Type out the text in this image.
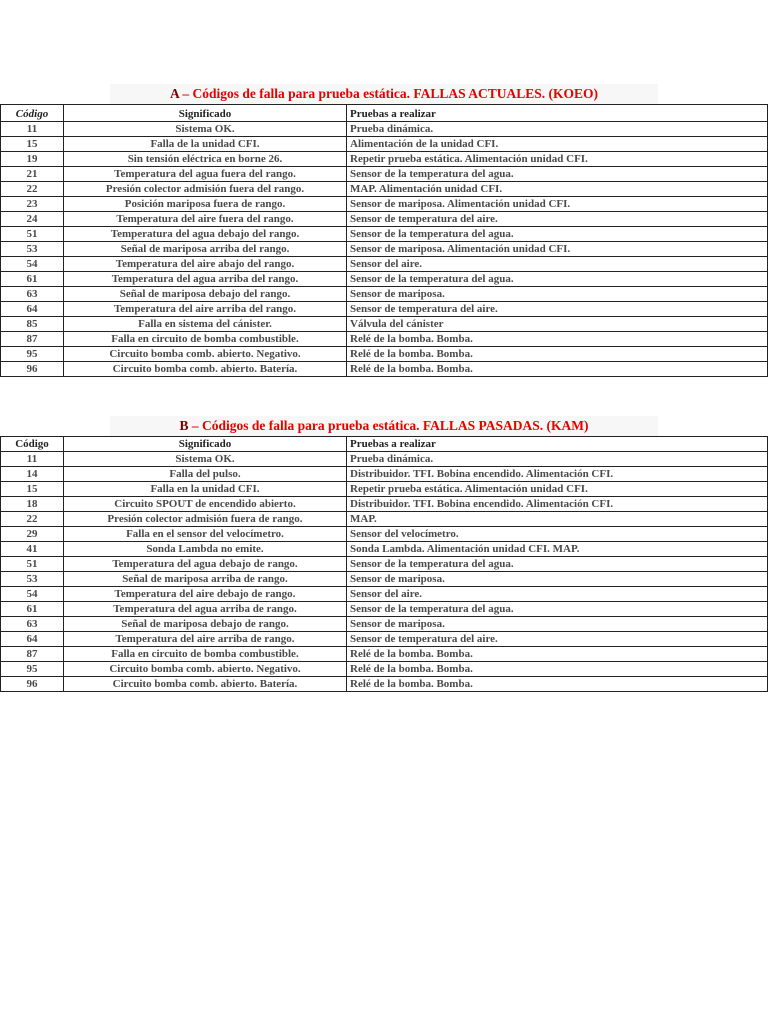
A – Códigos de falla para prueba estática. FALLAS ACTUALES. (KOEO)
Código	Significado	Pruebas a realizar
11	Sistema OK.	Prueba dinámica.
15	Falla de la unidad CFI.	Alimentación de la unidad CFI.
19	Sin tensión eléctrica en borne 26.	Repetir prueba estática. Alimentación unidad CFI.
21	Temperatura del agua fuera del rango.	Sensor de la temperatura del agua.
22	Presión colector admisión fuera del rango.	MAP. Alimentación unidad CFI.
23	Posición mariposa fuera de rango.	Sensor de mariposa. Alimentación unidad CFI.
24	Temperatura del aire fuera del rango.	Sensor de temperatura del aire.
51	Temperatura del agua debajo del rango.	Sensor de la temperatura del agua.
53	Señal de mariposa arriba del rango.	Sensor de mariposa. Alimentación unidad CFI.
54	Temperatura del aire abajo del rango.	Sensor del aire.
61	Temperatura del agua arriba del rango.	Sensor de la temperatura del agua.
63	Señal de mariposa debajo del rango.	Sensor de mariposa.
64	Temperatura del aire arriba del rango.	Sensor de temperatura del aire.
85	Falla en sistema del cánister.	Válvula del cánister
87	Falla en circuito de bomba combustible.	Relé de la bomba. Bomba.
95	Circuito bomba comb. abierto. Negativo.	Relé de la bomba. Bomba.
96	Circuito bomba comb. abierto. Batería.	Relé de la bomba. Bomba.
B – Códigos de falla para prueba estática. FALLAS PASADAS. (KAM)
Código	Significado	Pruebas a realizar
11	Sistema OK.	Prueba dinámica.
14	Falla del pulso.	Distribuidor. TFI. Bobina encendido. Alimentación CFI.
15	Falla en la unidad CFI.	Repetir prueba estática. Alimentación unidad CFI.
18	Circuito SPOUT de encendido abierto.	Distribuidor. TFI. Bobina encendido. Alimentación CFI.
22	Presión colector admisión fuera de rango.	MAP.
29	Falla en el sensor del velocímetro.	Sensor del velocímetro.
41	Sonda Lambda no emite.	Sonda Lambda. Alimentación unidad CFI. MAP.
51	Temperatura del agua debajo de rango.	Sensor de la temperatura del agua.
53	Señal de mariposa arriba de rango.	Sensor de mariposa.
54	Temperatura del aire debajo de rango.	Sensor del aire.
61	Temperatura del agua arriba de rango.	Sensor de la temperatura del agua.
63	Señal de mariposa debajo de rango.	Sensor de mariposa.
64	Temperatura del aire arriba de rango.	Sensor de temperatura del aire.
87	Falla en circuito de bomba combustible.	Relé de la bomba. Bomba.
95	Circuito bomba comb. abierto. Negativo.	Relé de la bomba. Bomba.
96	Circuito bomba comb. abierto. Batería.	Relé de la bomba. Bomba.
